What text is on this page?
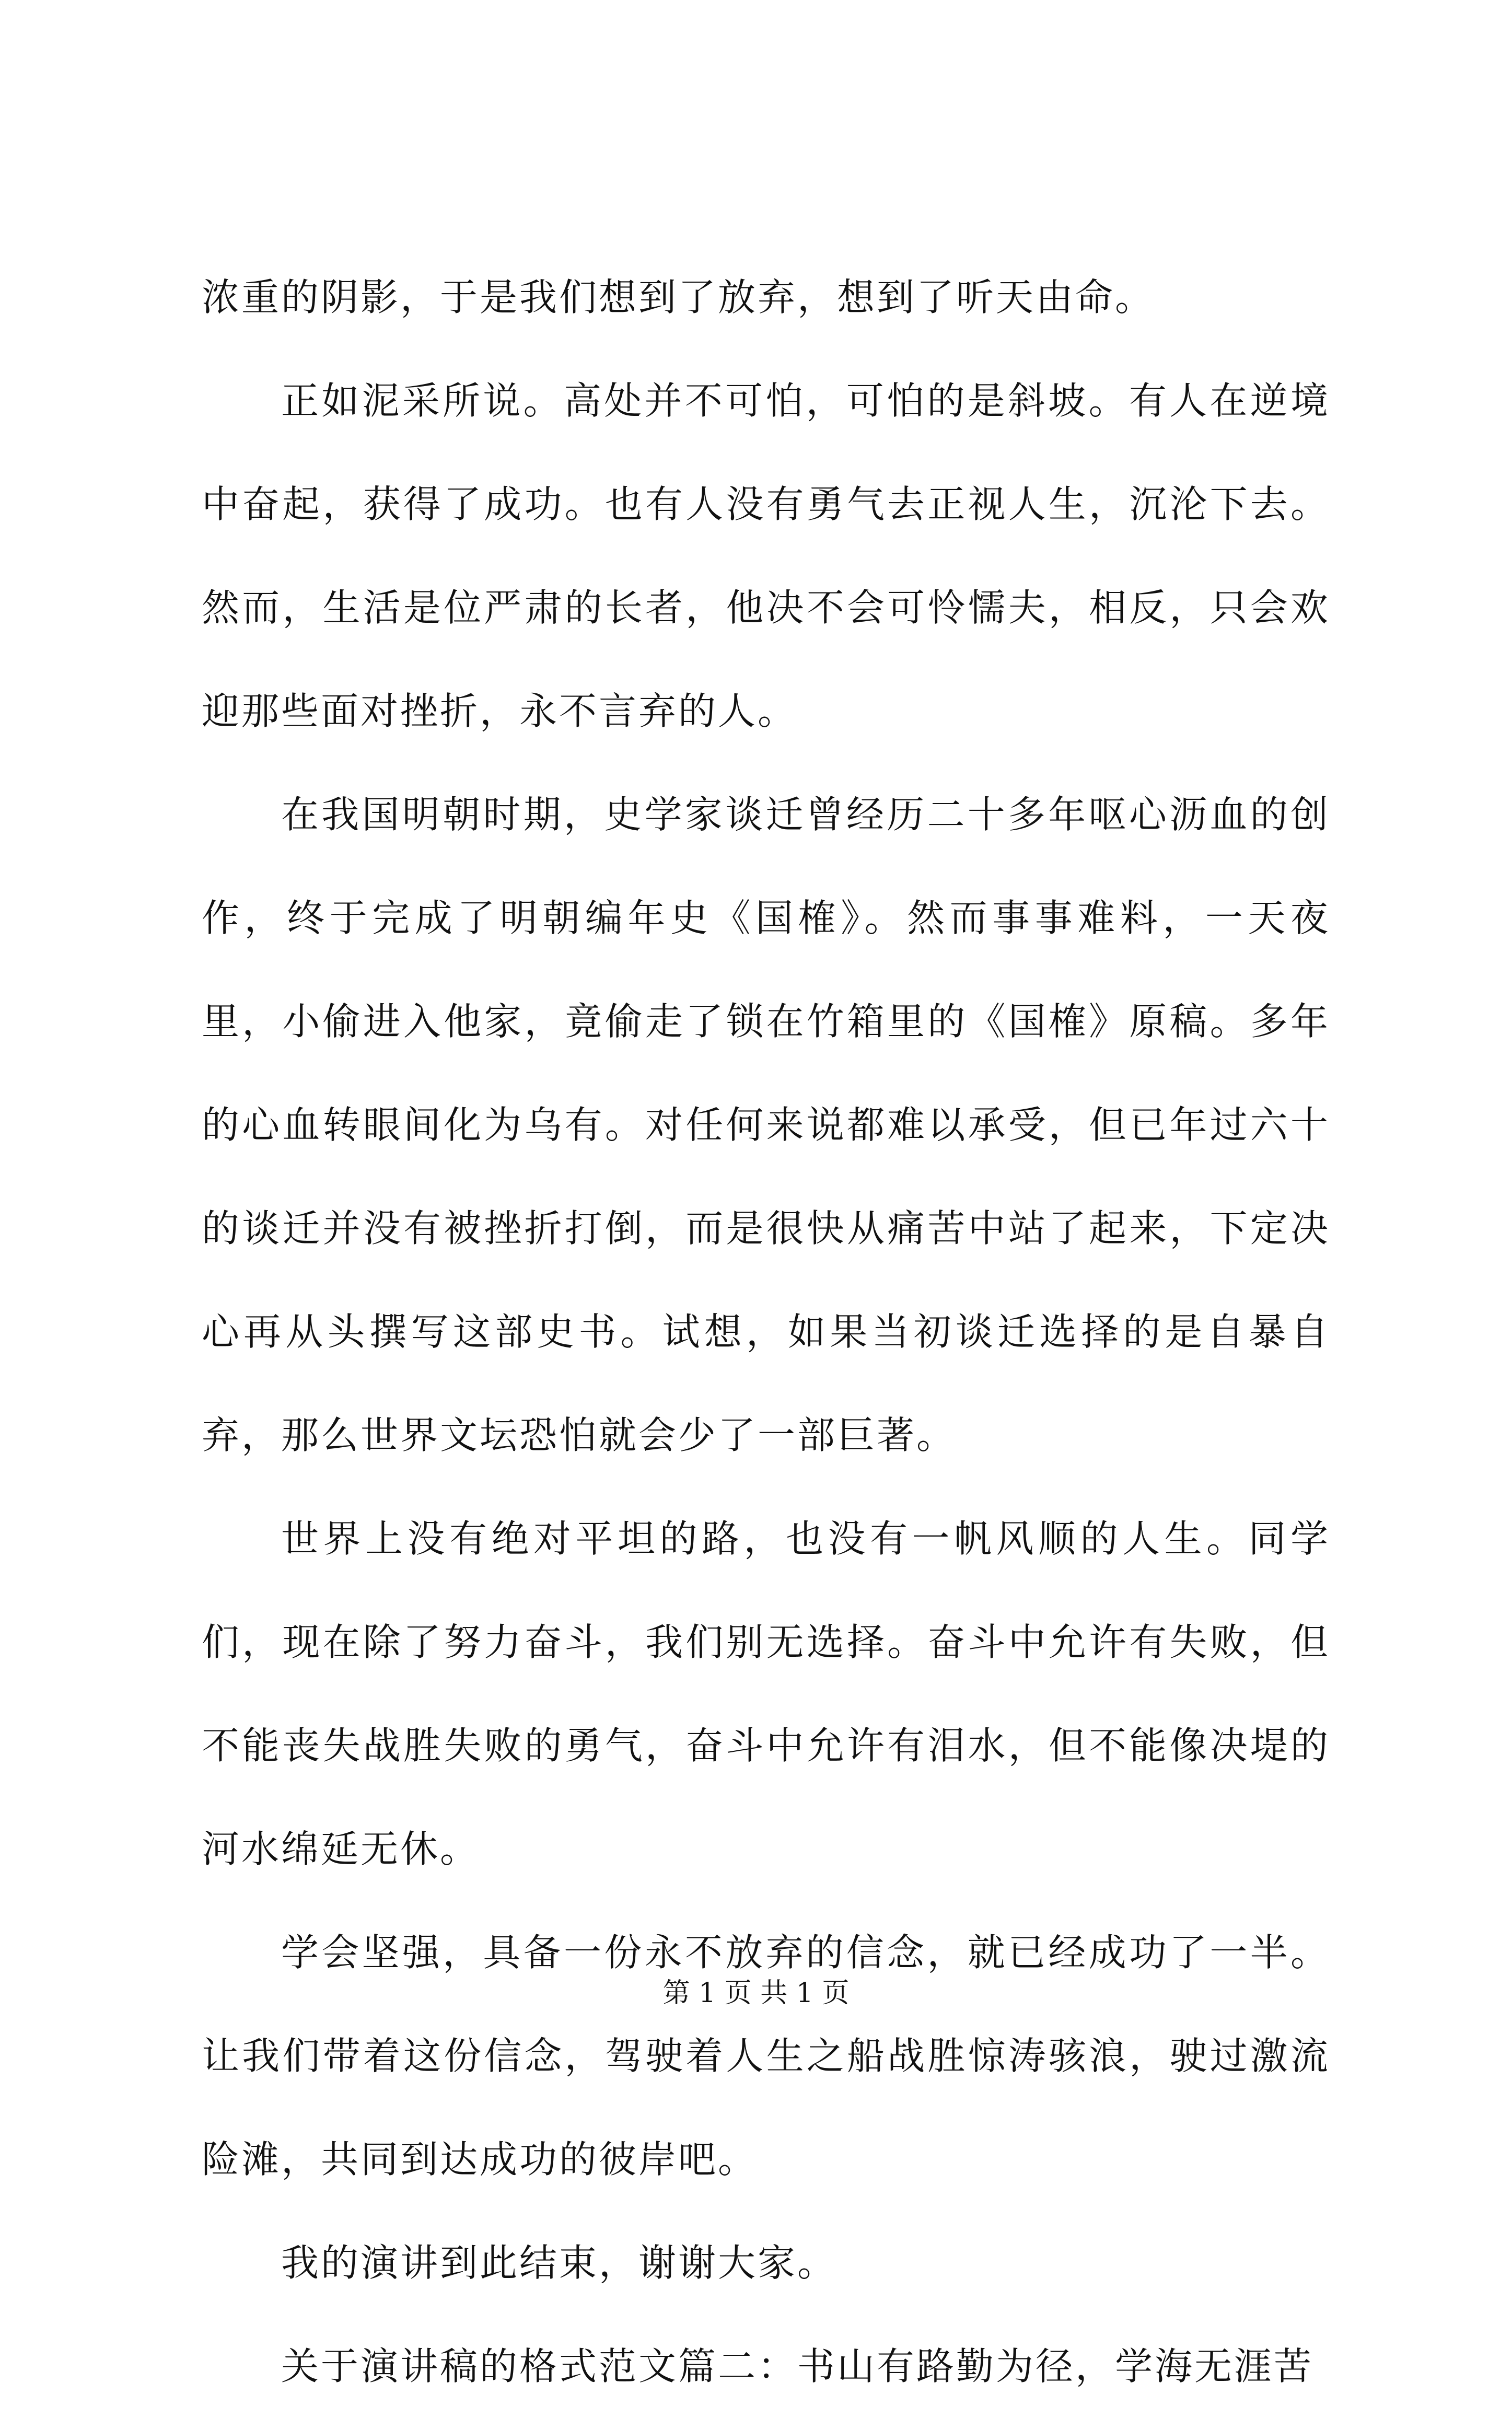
浓重的阴影，于是我们想到了放弃，想到了听天由命。

正如泥采所说。高处并不可怕，可怕的是斜坡。有人在逆境中奋起，获得了成功。也有人没有勇气去正视人生，沉沦下去。然而，生活是位严肃的长者，他决不会可怜懦夫，相反，只会欢迎那些面对挫折，永不言弃的人。

在我国明朝时期，史学家谈迁曾经历二十多年呕心沥血的创作，终于完成了明朝编年史《国榷》。然而事事难料，一天夜里，小偷进入他家，竟偷走了锁在竹箱里的《国榷》原稿。多年的心血转眼间化为乌有。对任何来说都难以承受，但已年过六十的谈迁并没有被挫折打倒，而是很快从痛苦中站了起来，下定决心再从头撰写这部史书。试想，如果当初谈迁选择的是自暴自弃，那么世界文坛恐怕就会少了一部巨著。

世界上没有绝对平坦的路，也没有一帆风顺的人生。同学们，现在除了努力奋斗，我们别无选择。奋斗中允许有失败，但不能丧失战胜失败的勇气，奋斗中允许有泪水，但不能像决堤的河水绵延无休。

学会坚强，具备一份永不放弃的信念，就已经成功了一半。让我们带着这份信念，驾驶着人生之船战胜惊涛骇浪，驶过激流险滩，共同到达成功的彼岸吧。

我的演讲到此结束，谢谢大家。

关于演讲稿的格式范文篇二：书山有路勤为径，学海无涯苦

第 1 页 共 1 页
